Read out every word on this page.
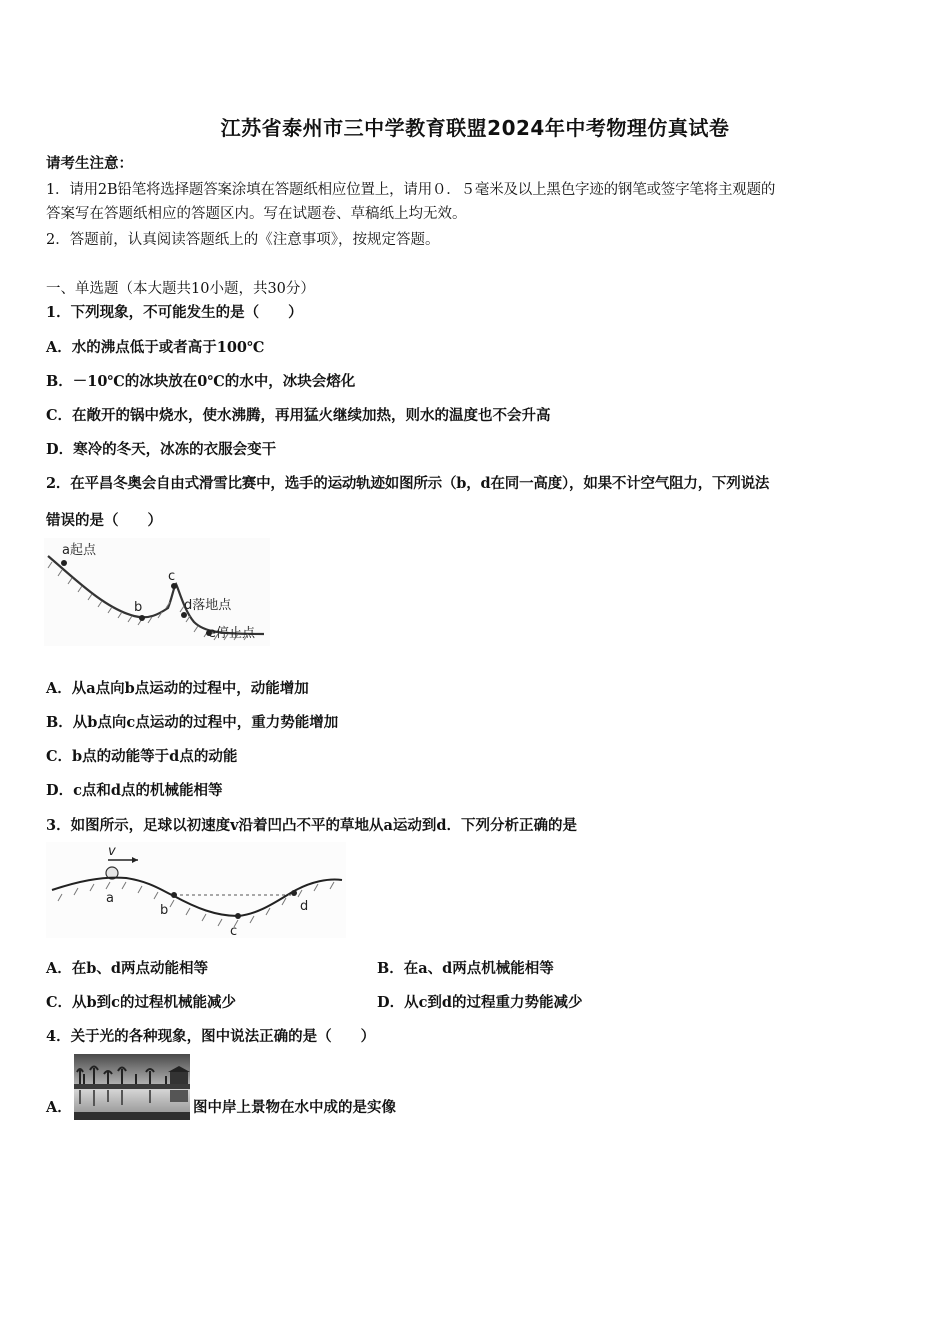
江苏省泰州市三中学教育联盟2024年中考物理仿真试卷
请考生注意：
1．请用2B铅笔将选择题答案涂填在答题纸相应位置上，请用０．５毫米及以上黑色字迹的钢笔或签字笔将主观题的
答案写在答题纸相应的答题区内。写在试题卷、草稿纸上均无效。
2．答题前，认真阅读答题纸上的《注意事项》，按规定答题。
一、单选题（本大题共10小题，共30分）
1．下列现象，不可能发生的是（　　）
A．水的沸点低于或者高于100℃
B．－10℃的冰块放在0℃的水中，冰块会熔化
C．在敞开的锅中烧水，使水沸腾，再用猛火继续加热，则水的温度也不会升高
D．寒冷的冬天，冰冻的衣服会变干
2．在平昌冬奥会自由式滑雪比赛中，选手的运动轨迹如图所示（b，d在同一高度），如果不计空气阻力，下列说法
错误的是（　　）
a起点
b
c
d落地点
e停止点
A．从a点向b点运动的过程中，动能增加
B．从b点向c点运动的过程中，重力势能增加
C．b点的动能等于d点的动能
D．c点和d点的机械能相等
3．如图所示，足球以初速度v沿着凹凸不平的草地从a运动到d．下列分析正确的是
v
a
b
c
d
A．在b、d两点动能相等	B．在a、d两点机械能相等
C．从b到c的过程机械能减少	D．从c到d的过程重力势能减少
4．关于光的各种现象，图中说法正确的是（　　）
A．	图中岸上景物在水中成的是实像
